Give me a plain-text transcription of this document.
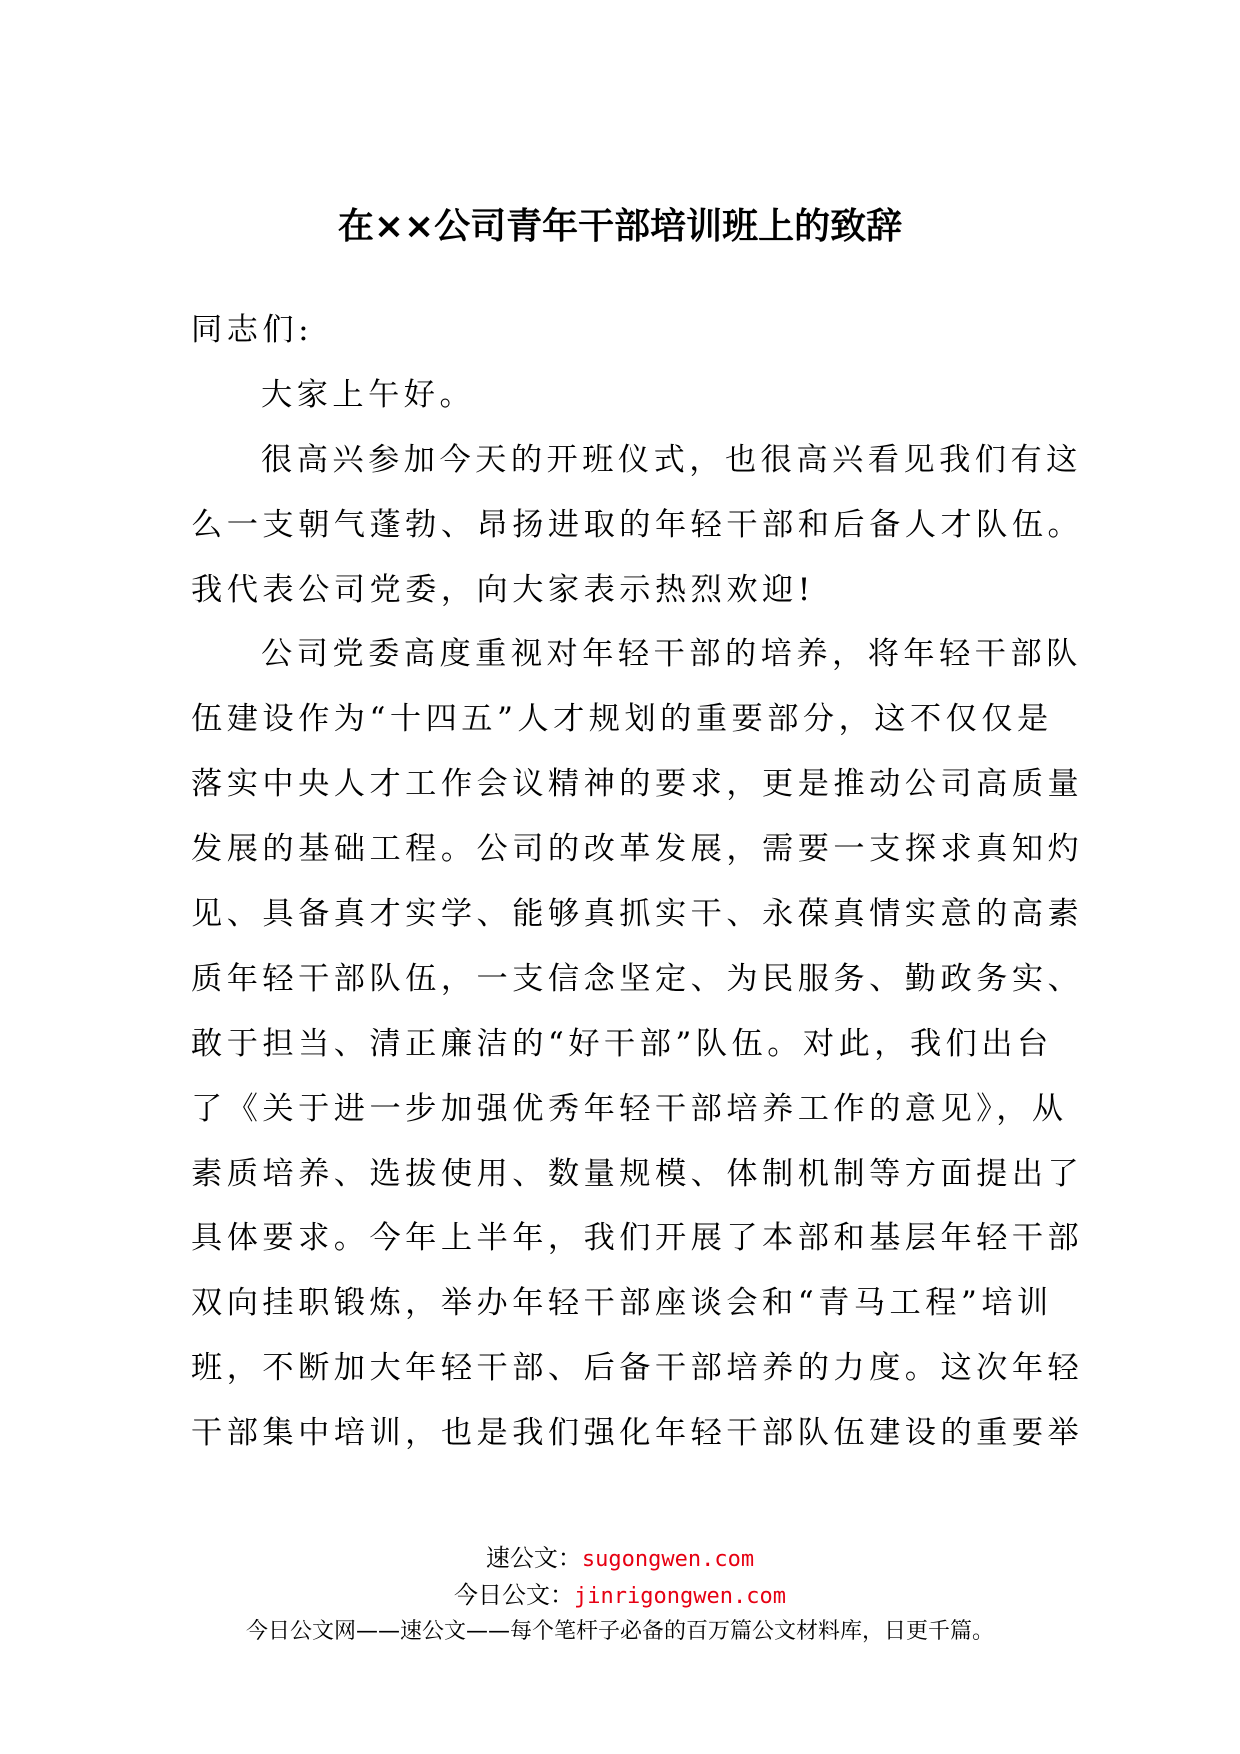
在××公司青年干部培训班上的致辞
同志们:
大家上午好。
很高兴参加今天的开班仪式，也很高兴看见我们有这
么一支朝气蓬勃、昂扬进取的年轻干部和后备人才队伍。
我代表公司党委，向大家表示热烈欢迎!
公司党委高度重视对年轻干部的培养，将年轻干部队
伍建设作为“十四五”人才规划的重要部分，这不仅仅是
落实中央人才工作会议精神的要求，更是推动公司高质量
发展的基础工程。公司的改革发展，需要一支探求真知灼
见、具备真才实学、能够真抓实干、永葆真情实意的高素
质年轻干部队伍，一支信念坚定、为民服务、勤政务实、
敢于担当、清正廉洁的“好干部”队伍。对此，我们出台
了《关于进一步加强优秀年轻干部培养工作的意见》，从
素质培养、选拔使用、数量规模、体制机制等方面提出了
具体要求。今年上半年，我们开展了本部和基层年轻干部
双向挂职锻炼，举办年轻干部座谈会和“青马工程”培训
班，不断加大年轻干部、后备干部培养的力度。这次年轻
干部集中培训，也是我们强化年轻干部队伍建设的重要举
速公文：sugongwen.com
今日公文：jinrigongwen.com
今日公文网——速公文——每个笔杆子必备的百万篇公文材料库，日更千篇。
